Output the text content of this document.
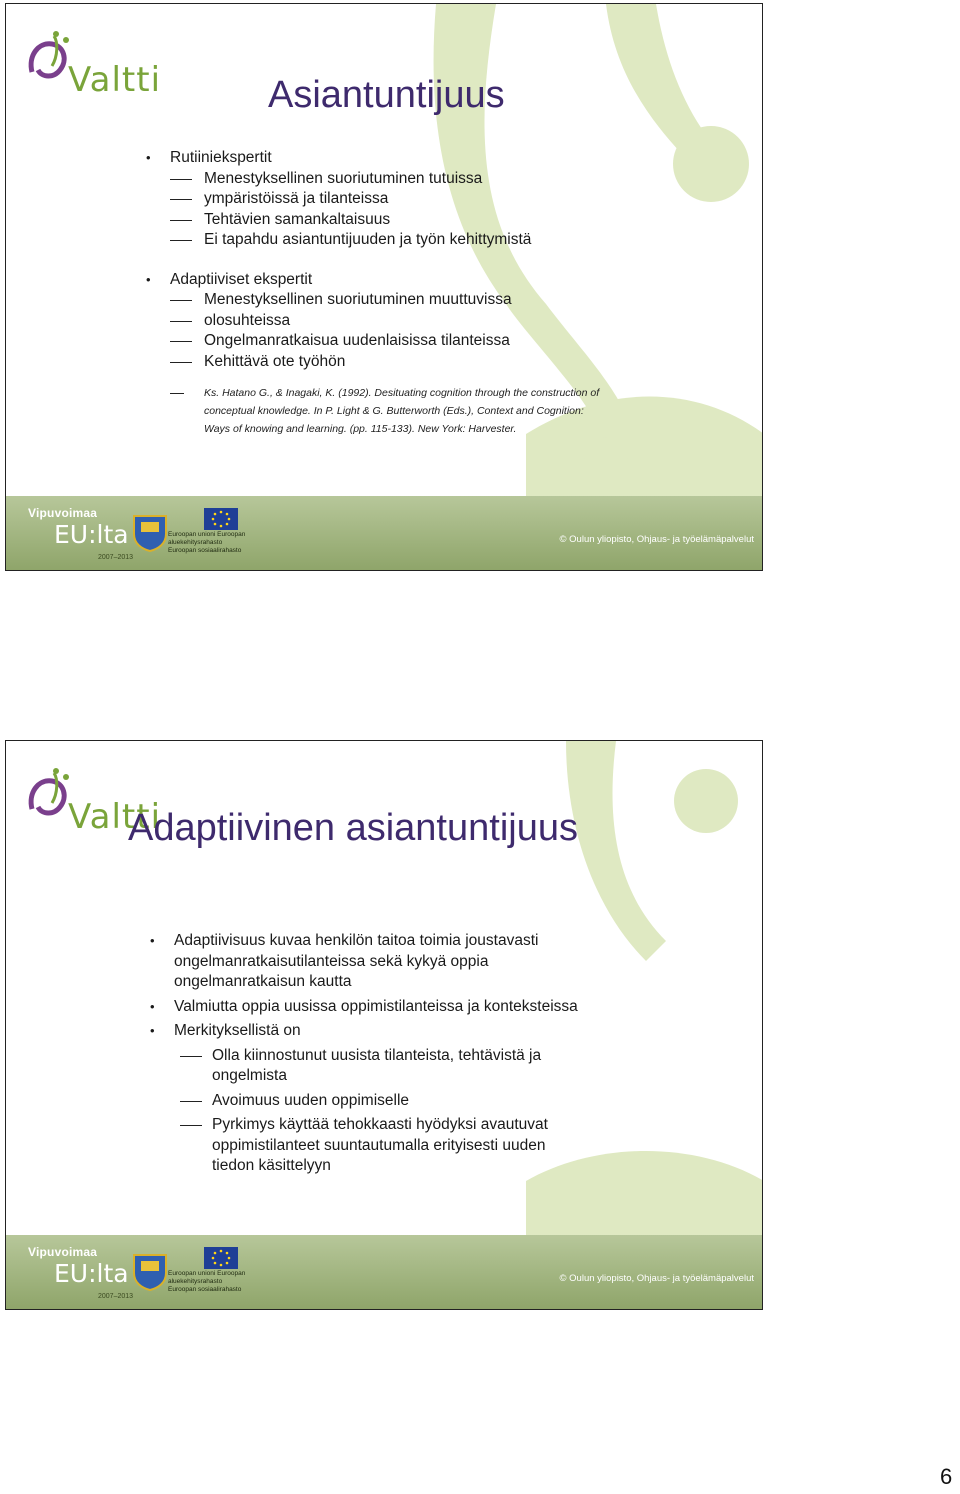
Valtti	Asiantuntijuus
• Rutiiniekspertit
Menestyksellinen suoriutuminen tutuissa
ympäristöissä ja tilanteissa
Tehtävien samankaltaisuus
Ei tapahdu asiantuntijuuden ja työn kehittymistä
• Adaptiiviset ekspertit
Menestyksellinen suoriutuminen muuttuvissa
olosuhteissa
Ongelmanratkaisua uudenlaisissa tilanteissa
Kehittävä ote työhön
Ks. Hatano G., & Inagaki, K. (1992). Desituating cognition through the construction of
conceptual knowledge. In P. Light & G. Butterworth (Eds.), Context and Cognition:
Ways of knowing and learning. (pp. 115-133). New York: Harvester.
Vipuvoimaa
EU:lta
2007–2013
Euroopan unioni Euroopan aluekehitysrahasto Euroopan sosiaalirahasto
© Oulun yliopisto, Ohjaus- ja työelämäpalvelut
Valtti
Adaptiivinen asiantuntijuus
• Adaptiivisuus kuvaa henkilön taitoa toimia joustavasti ongelmanratkaisutilanteissa sekä kykyä oppia ongelmanratkaisun kautta
• Valmiutta oppia uusissa oppimistilanteissa ja konteksteissa
• Merkityksellistä on
Olla kiinnostunut uusista tilanteista, tehtävistä ja ongelmista
Avoimuus uuden oppimiselle
Pyrkimys käyttää tehokkaasti hyödyksi avautuvat oppimistilanteet suuntautumalla erityisesti uuden tiedon käsittelyyn
Vipuvoimaa
EU:lta
2007–2013
Euroopan unioni Euroopan aluekehitysrahasto Euroopan sosiaalirahasto
© Oulun yliopisto, Ohjaus- ja työelämäpalvelut
6
